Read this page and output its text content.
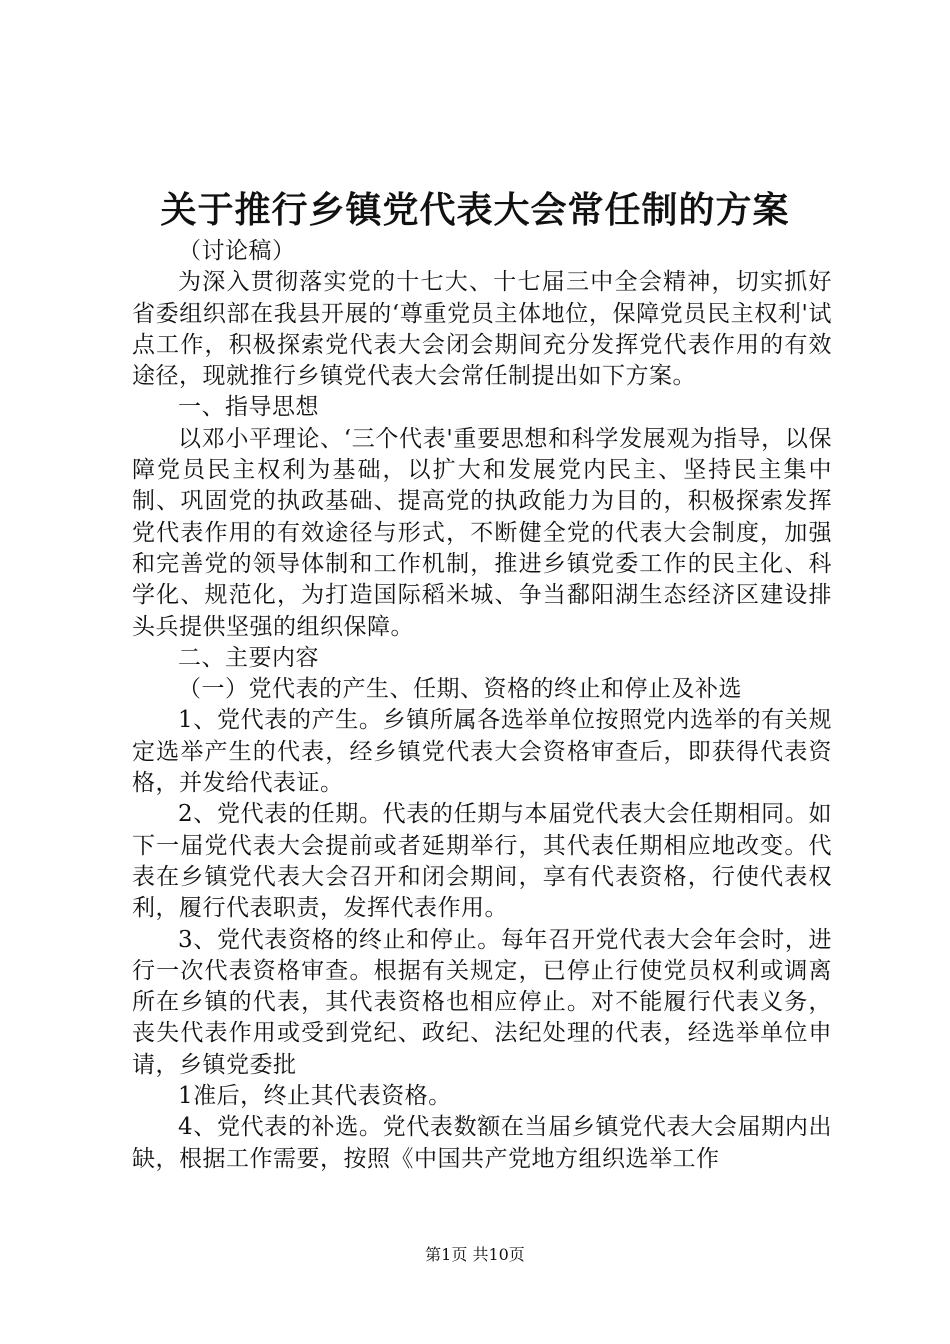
关于推行乡镇党代表大会常任制的方案

（讨论稿）

为深入贯彻落实党的十七大、十七届三中全会精神，切实抓好省委组织部在我县开展的‘尊重党员主体地位，保障党员民主权利'试点工作，积极探索党代表大会闭会期间充分发挥党代表作用的有效途径，现就推行乡镇党代表大会常任制提出如下方案。

一、指导思想

以邓小平理论、‘三个代表'重要思想和科学发展观为指导，以保障党员民主权利为基础，以扩大和发展党内民主、坚持民主集中制、巩固党的执政基础、提高党的执政能力为目的，积极探索发挥党代表作用的有效途径与形式，不断健全党的代表大会制度，加强和完善党的领导体制和工作机制，推进乡镇党委工作的民主化、科学化、规范化，为打造国际稻米城、争当鄱阳湖生态经济区建设排头兵提供坚强的组织保障。

二、主要内容

（一）党代表的产生、任期、资格的终止和停止及补选

1、党代表的产生。乡镇所属各选举单位按照党内选举的有关规定选举产生的代表，经乡镇党代表大会资格审查后，即获得代表资格，并发给代表证。

2、党代表的任期。代表的任期与本届党代表大会任期相同。如下一届党代表大会提前或者延期举行，其代表任期相应地改变。代表在乡镇党代表大会召开和闭会期间，享有代表资格，行使代表权利，履行代表职责，发挥代表作用。

3、党代表资格的终止和停止。每年召开党代表大会年会时，进行一次代表资格审查。根据有关规定，已停止行使党员权利或调离所在乡镇的代表，其代表资格也相应停止。对不能履行代表义务，丧失代表作用或受到党纪、政纪、法纪处理的代表，经选举单位申请，乡镇党委批

1准后，终止其代表资格。

4、党代表的补选。党代表数额在当届乡镇党代表大会届期内出缺，根据工作需要，按照《中国共产党地方组织选举工作

第1页 共10页
